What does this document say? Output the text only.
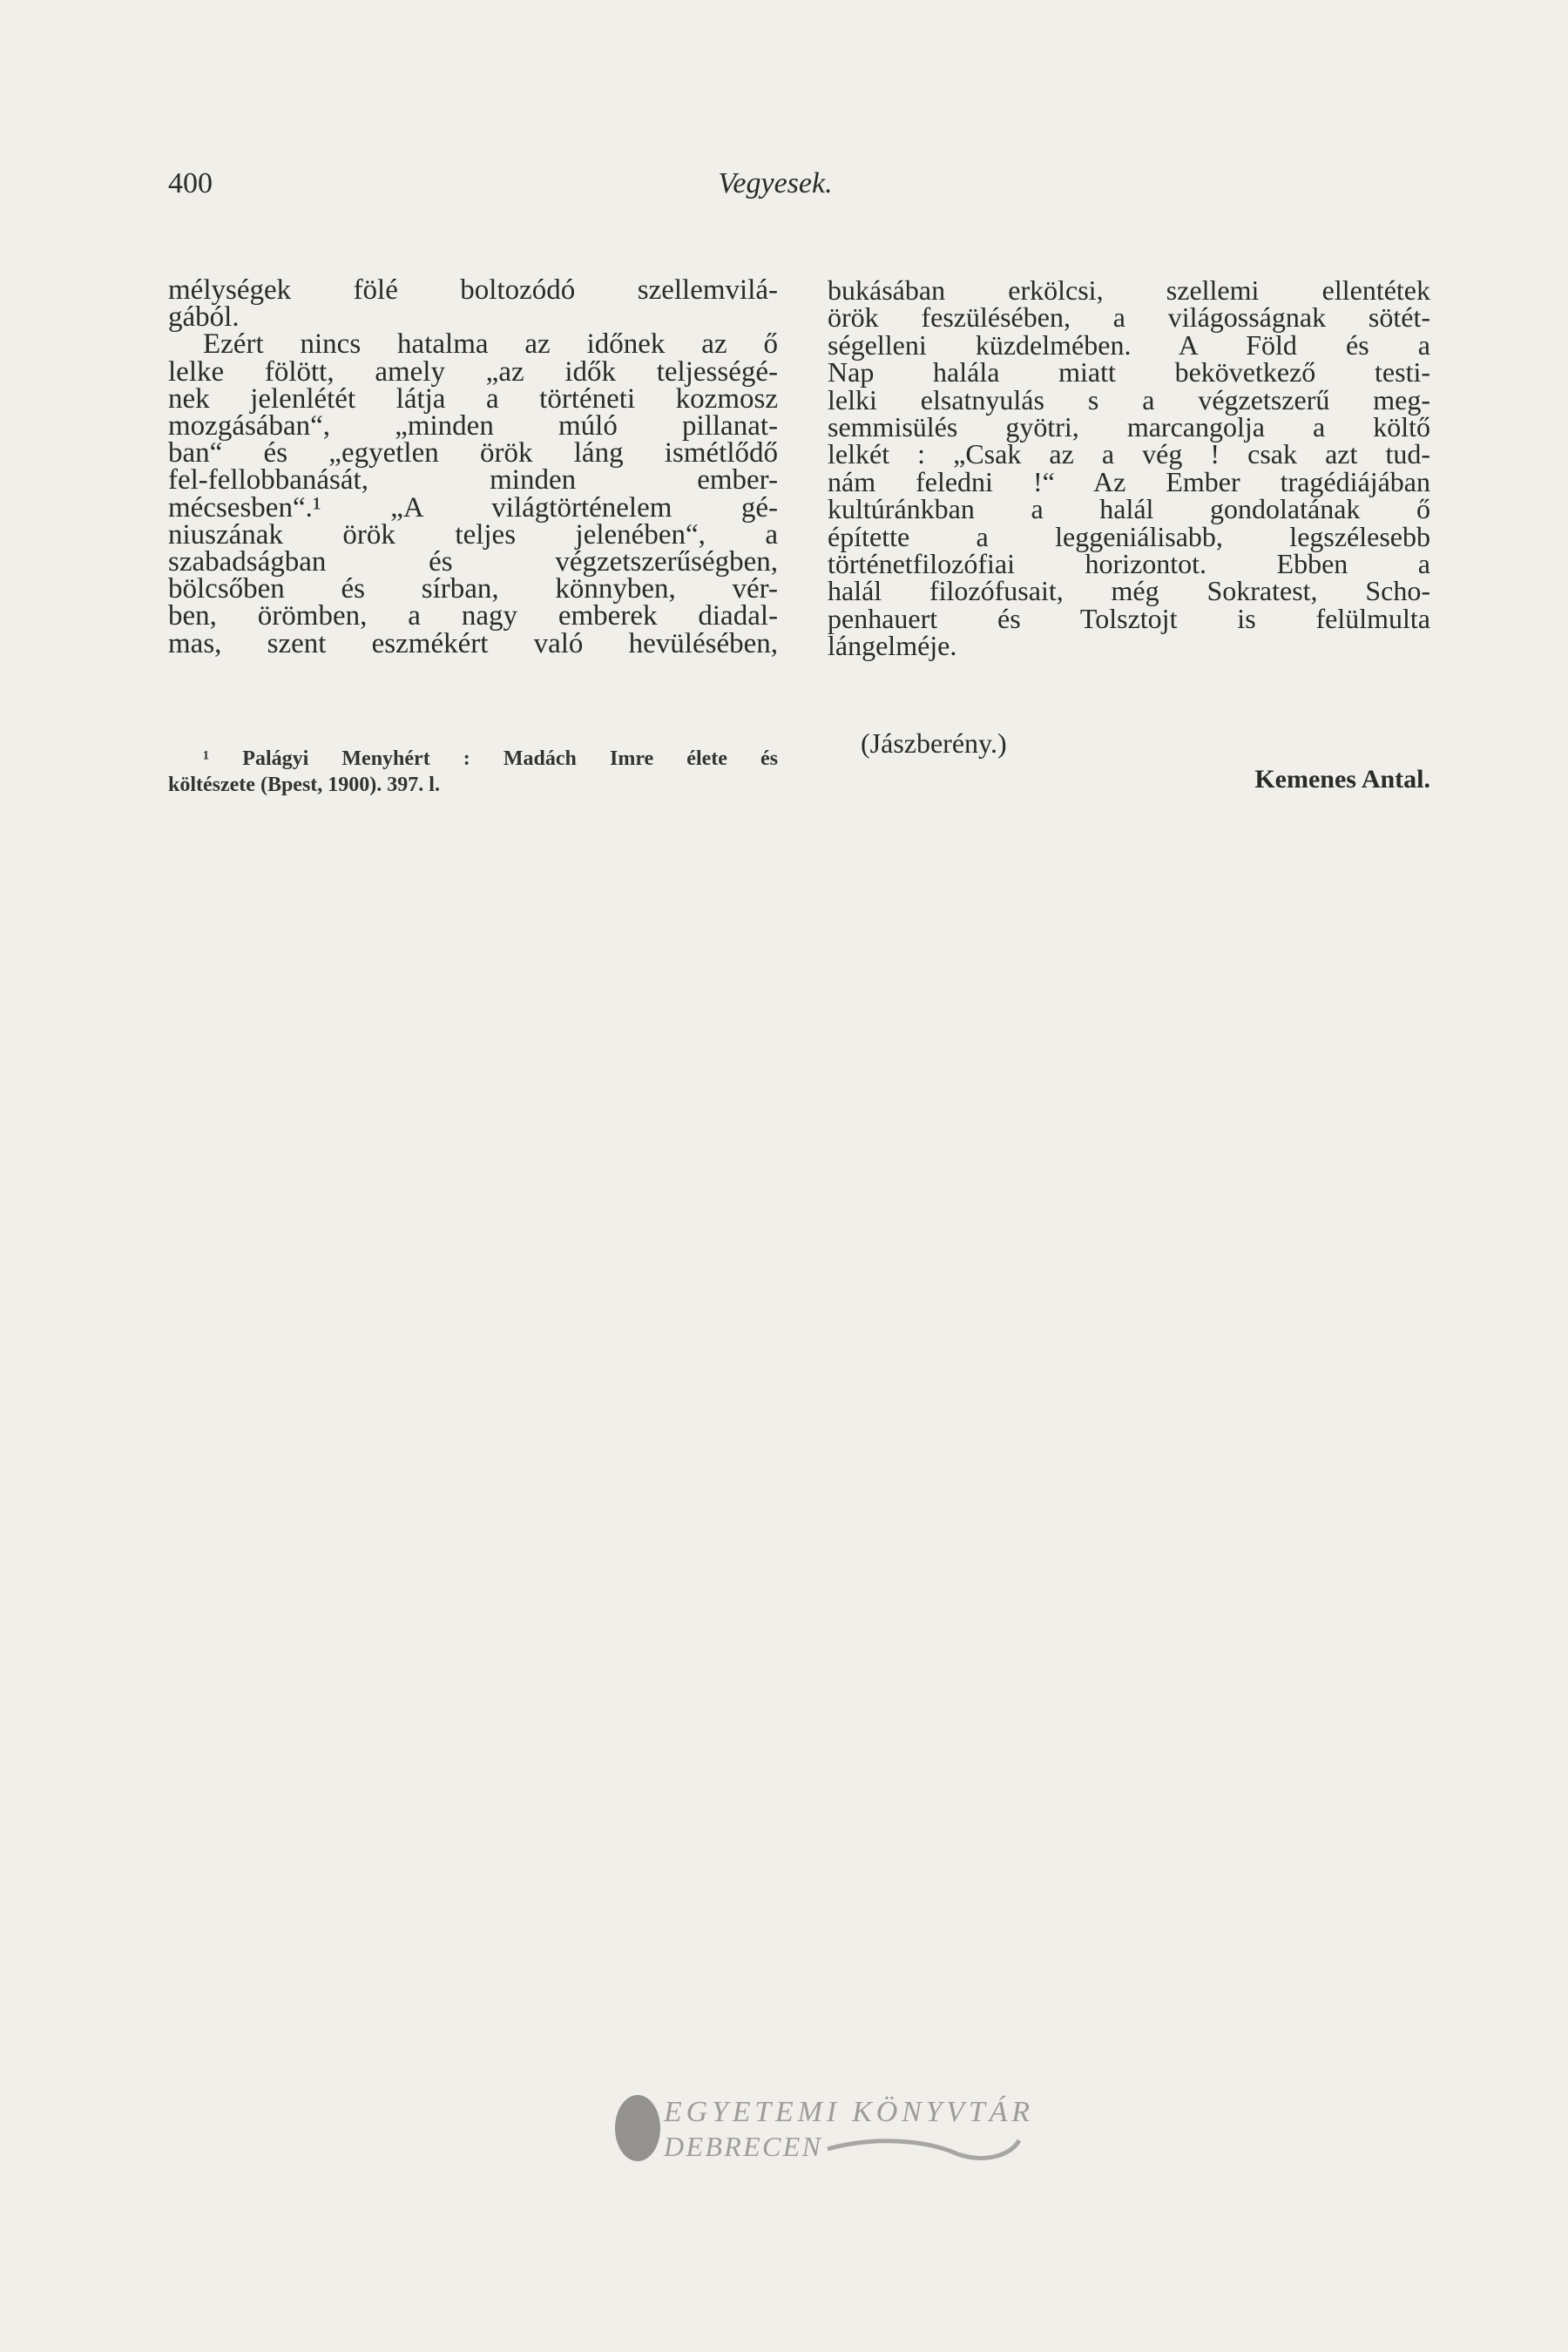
400	Vegyesek.
mélységek fölé boltozódó szellemvilá-
gából.
Ezért nincs hatalma az időnek az ő
lelke fölött, amely „az idők teljességé-
nek jelenlétét látja a történeti kozmosz
mozgásában“, „minden múló pillanat-
ban“ és „egyetlen örök láng ismétlődő
fel-fellobbanását, minden ember-
mécsesben“.¹ „A világtörténelem gé-
niuszának örök teljes jelenében“, a
szabadságban és végzetszerűségben,
bölcsőben és sírban, könnyben, vér-
ben, örömben, a nagy emberek diadal-
mas, szent eszmékért való hevülésében,
¹ Palágyi Menyhért : Madách Imre élete és
költészete (Bpest, 1900). 397. l.
bukásában erkölcsi, szellemi ellentétek
örök feszülésében, a világosságnak sötét-
ségelleni küzdelmében. A Föld és a
Nap halála miatt bekövetkező testi-
lelki elsatnyulás s a végzetszerű meg-
semmisülés gyötri, marcangolja a költő
lelkét : „Csak az a vég ! csak azt tud-
nám feledni !“ Az Ember tragédiájában
kultúránkban a halál gondolatának ő
építette a leggeniálisabb, legszélesebb
történetfilozófiai horizontot. Ebben a
halál filozófusait, még Sokratest, Scho-
penhauert és Tolsztojt is felülmulta
lángelméje.
(Jászberény.)
Kemenes Antal.
EGYETEMI KÖNYVTÁR
DEBRECEN
